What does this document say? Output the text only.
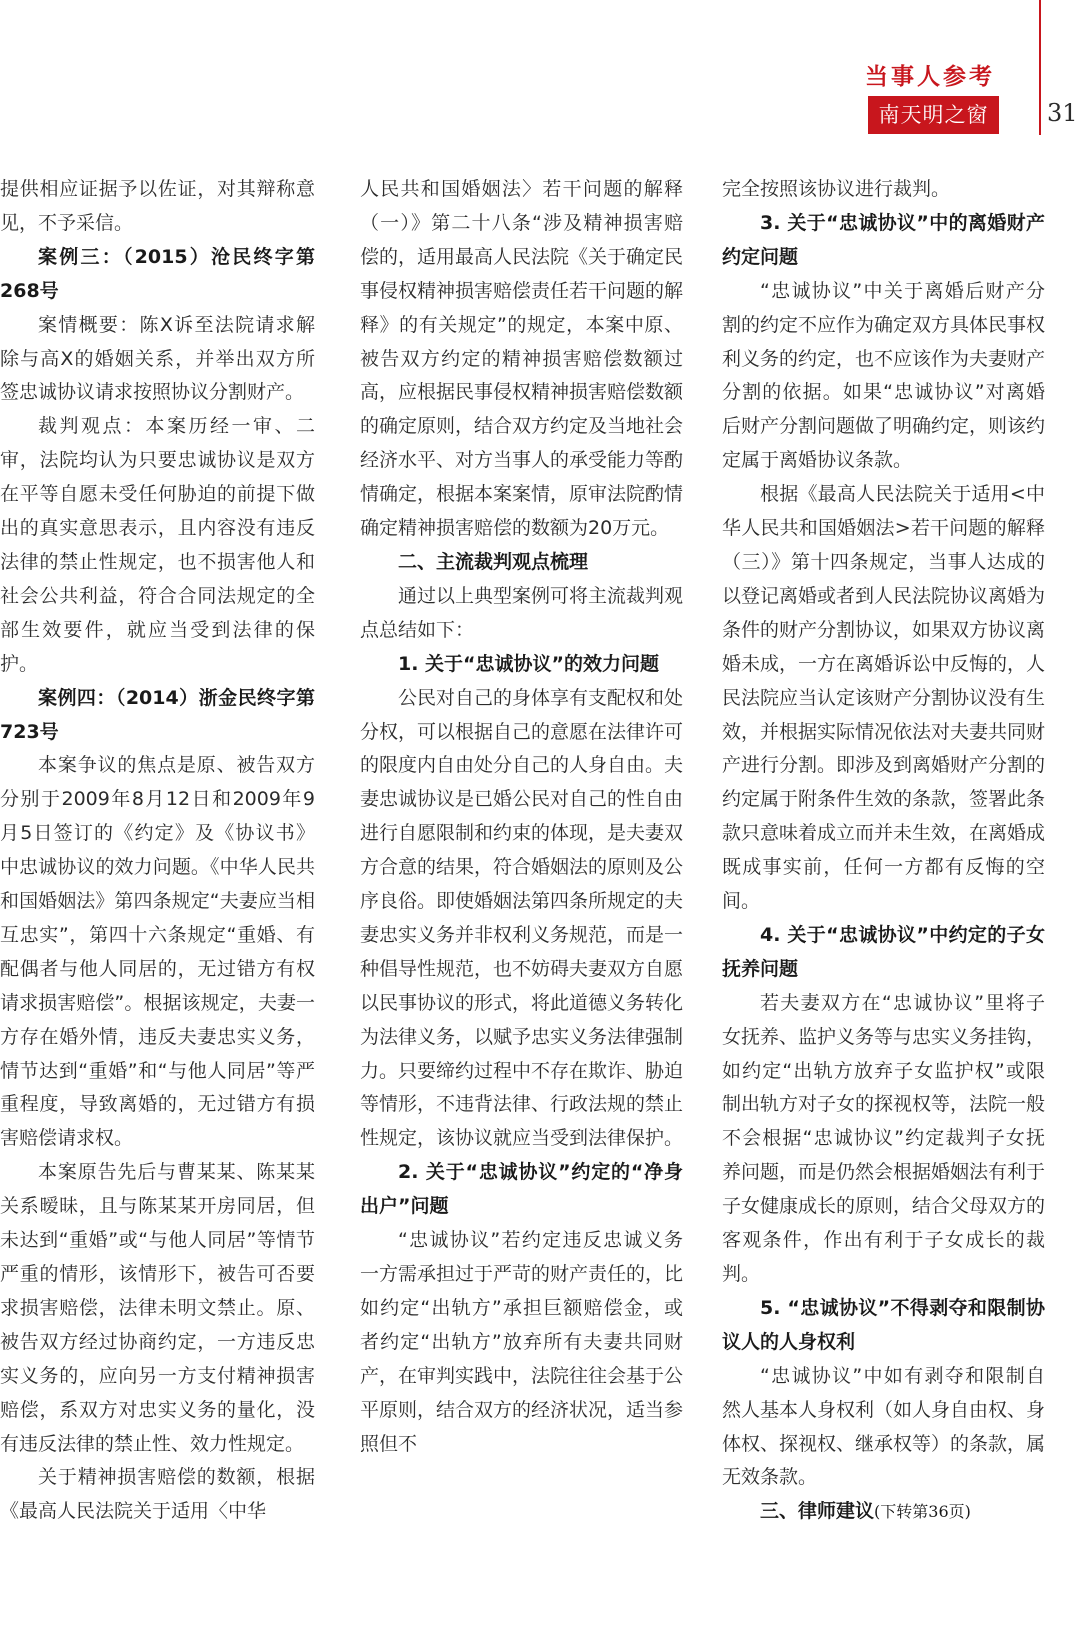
当事人参考
南天明之窗	31

提供相应证据予以佐证，对其辩称意见，不予采信。

案例三：（2015）沧民终字第268号

案情概要：陈X诉至法院请求解除与高X的婚姻关系，并举出双方所签忠诚协议请求按照协议分割财产。

裁判观点：本案历经一审、二审，法院均认为只要忠诚协议是双方在平等自愿未受任何胁迫的前提下做出的真实意思表示，且内容没有违反法律的禁止性规定，也不损害他人和社会公共利益，符合合同法规定的全部生效要件，就应当受到法律的保护。

案例四：（2014）浙金民终字第723号

本案争议的焦点是原、被告双方分别于2009年8月12日和2009年9月5日签订的《约定》及《协议书》中忠诚协议的效力问题。《中华人民共和国婚姻法》第四条规定“夫妻应当相互忠实”，第四十六条规定“重婚、有配偶者与他人同居的，无过错方有权请求损害赔偿”。根据该规定，夫妻一方存在婚外情，违反夫妻忠实义务，情节达到“重婚”和“与他人同居”等严重程度，导致离婚的，无过错方有损害赔偿请求权。

本案原告先后与曹某某、陈某某关系暧昧，且与陈某某开房同居，但未达到“重婚”或“与他人同居”等情节严重的情形，该情形下，被告可否要求损害赔偿，法律未明文禁止。原、被告双方经过协商约定，一方违反忠实义务的，应向另一方支付精神损害赔偿，系双方对忠实义务的量化，没有违反法律的禁止性、效力性规定。

关于精神损害赔偿的数额，根据《最高人民法院关于适用〈中华

人民共和国婚姻法〉若干问题的解释（一）》第二十八条“涉及精神损害赔偿的，适用最高人民法院《关于确定民事侵权精神损害赔偿责任若干问题的解释》的有关规定”的规定，本案中原、被告双方约定的精神损害赔偿数额过高，应根据民事侵权精神损害赔偿数额的确定原则，结合双方约定及当地社会经济水平、对方当事人的承受能力等酌情确定，根据本案案情，原审法院酌情确定精神损害赔偿的数额为20万元。

二、主流裁判观点梳理

通过以上典型案例可将主流裁判观点总结如下：

1. 关于“忠诚协议”的效力问题

公民对自己的身体享有支配权和处分权，可以根据自己的意愿在法律许可的限度内自由处分自己的人身自由。夫妻忠诚协议是已婚公民对自己的性自由进行自愿限制和约束的体现，是夫妻双方合意的结果，符合婚姻法的原则及公序良俗。即使婚姻法第四条所规定的夫妻忠实义务并非权利义务规范，而是一种倡导性规范，也不妨碍夫妻双方自愿以民事协议的形式，将此道德义务转化为法律义务，以赋予忠实义务法律强制力。只要缔约过程中不存在欺诈、胁迫等情形，不违背法律、行政法规的禁止性规定，该协议就应当受到法律保护。

2. 关于“忠诚协议”约定的“净身出户”问题

“忠诚协议”若约定违反忠诚义务一方需承担过于严苛的财产责任的，比如约定“出轨方”承担巨额赔偿金，或者约定“出轨方”放弃所有夫妻共同财产，在审判实践中，法院往往会基于公平原则，结合双方的经济状况，适当参照但不

完全按照该协议进行裁判。

3. 关于“忠诚协议”中的离婚财产约定问题

“忠诚协议”中关于离婚后财产分割的约定不应作为确定双方具体民事权利义务的约定，也不应该作为夫妻财产分割的依据。如果“忠诚协议”对离婚后财产分割问题做了明确约定，则该约定属于离婚协议条款。

根据《最高人民法院关于适用<中华人民共和国婚姻法>若干问题的解释（三）》第十四条规定，当事人达成的以登记离婚或者到人民法院协议离婚为条件的财产分割协议，如果双方协议离婚未成，一方在离婚诉讼中反悔的，人民法院应当认定该财产分割协议没有生效，并根据实际情况依法对夫妻共同财产进行分割。即涉及到离婚财产分割的约定属于附条件生效的条款，签署此条款只意味着成立而并未生效，在离婚成既成事实前，任何一方都有反悔的空间。

4. 关于“忠诚协议”中约定的子女抚养问题

若夫妻双方在“忠诚协议”里将子女抚养、监护义务等与忠实义务挂钩，如约定“出轨方放弃子女监护权”或限制出轨方对子女的探视权等，法院一般不会根据“忠诚协议”约定裁判子女抚养问题，而是仍然会根据婚姻法有利于子女健康成长的原则，结合父母双方的客观条件，作出有利于子女成长的裁判。

5. “忠诚协议”不得剥夺和限制协议人的人身权利

“忠诚协议”中如有剥夺和限制自然人基本人身权利（如人身自由权、身体权、探视权、继承权等）的条款，属无效条款。

三、律师建议(下转第36页)
